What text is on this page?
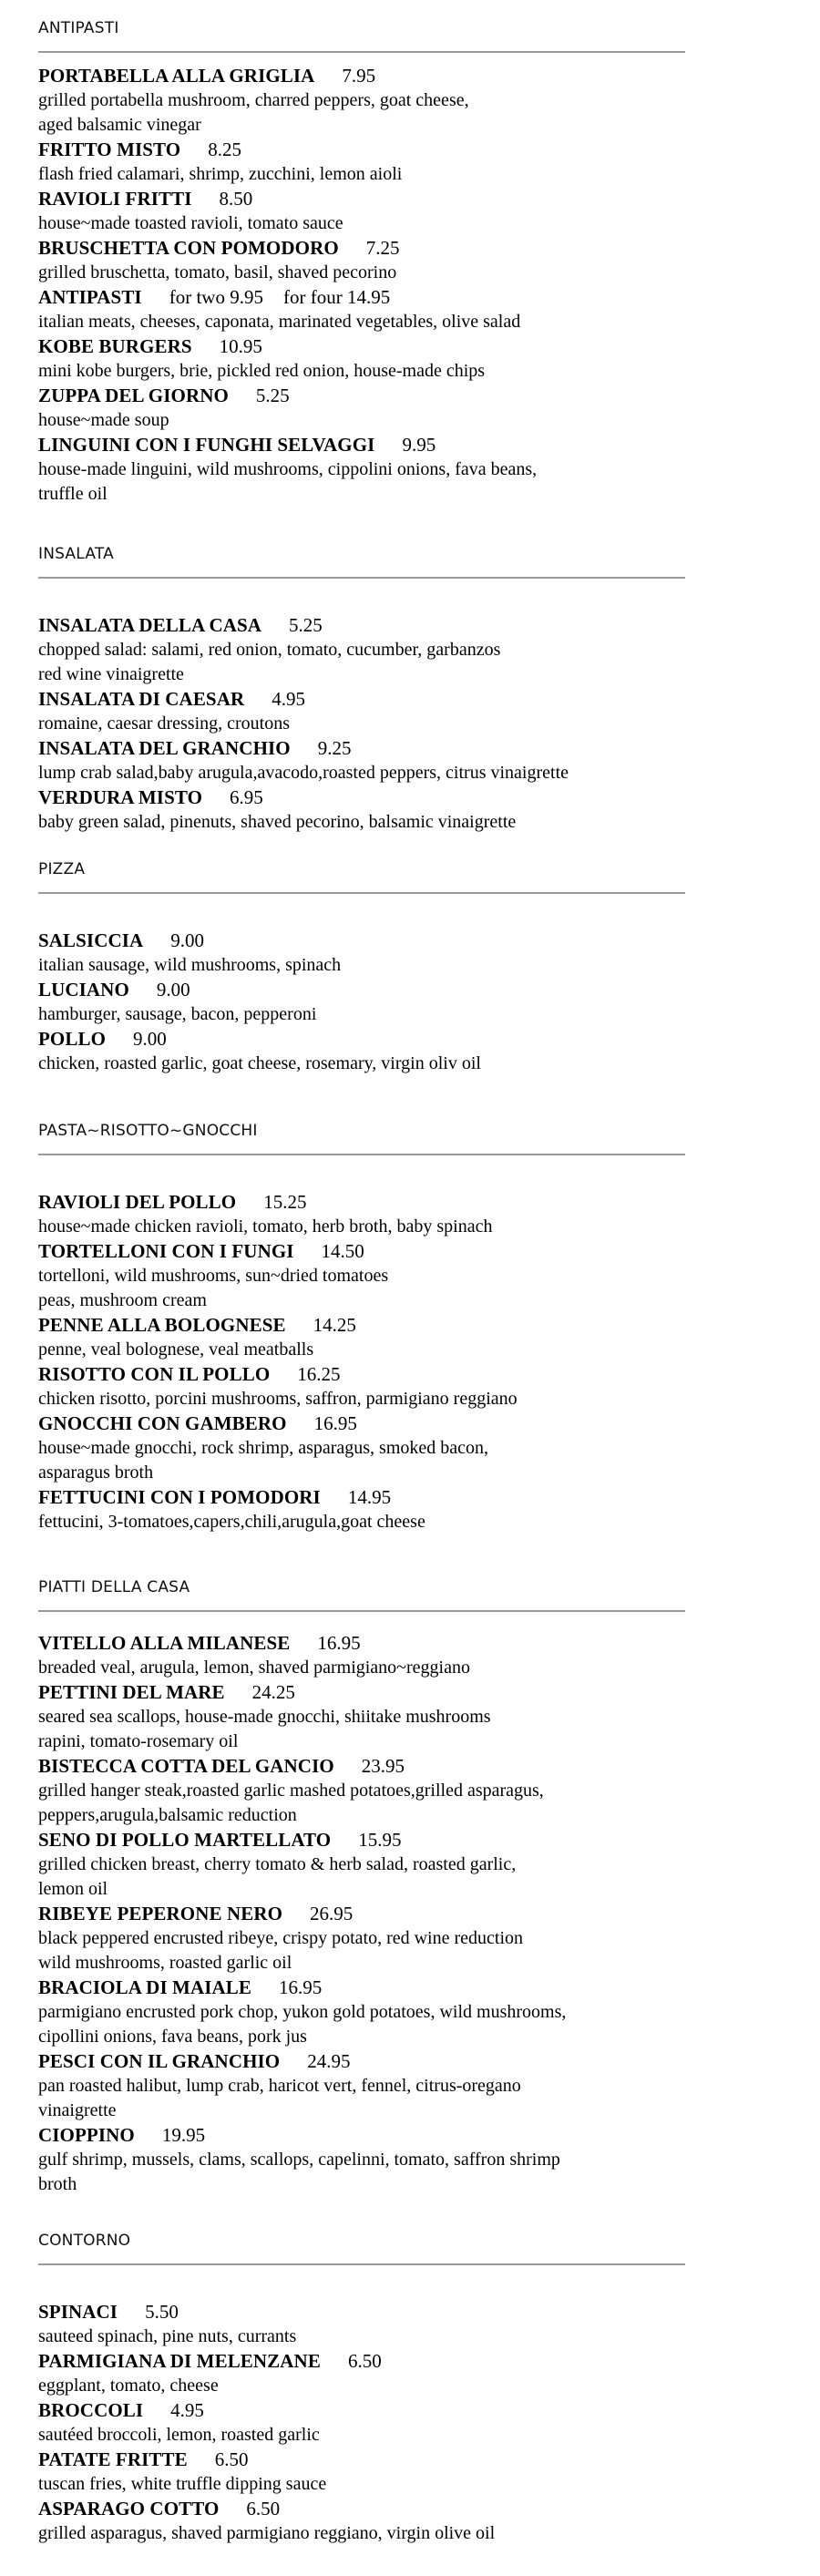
ANTIPASTI
PORTABELLA ALLA GRIGLIA 7.95
grilled portabella mushroom, charred peppers, goat cheese,
aged balsamic vinegar
FRITTO MISTO 8.25
flash fried calamari, shrimp, zucchini, lemon aioli
RAVIOLI FRITTI 8.50
house~made toasted ravioli, tomato sauce
BRUSCHETTA CON POMODORO 7.25
grilled bruschetta, tomato, basil, shaved pecorino
ANTIPASTI for two 9.95 for four 14.95
italian meats, cheeses, caponata, marinated vegetables, olive salad
KOBE BURGERS 10.95
mini kobe burgers, brie, pickled red onion, house-made chips
ZUPPA DEL GIORNO 5.25
house~made soup
LINGUINI CON I FUNGHI SELVAGGI 9.95
house-made linguini, wild mushrooms, cippolini onions, fava beans,
truffle oil
INSALATA
INSALATA DELLA CASA 5.25
chopped salad: salami, red onion, tomato, cucumber, garbanzos
red wine vinaigrette
INSALATA DI CAESAR 4.95
romaine, caesar dressing, croutons
INSALATA DEL GRANCHIO 9.25
lump crab salad,baby arugula,avacodo,roasted peppers, citrus vinaigrette
VERDURA MISTO 6.95
baby green salad, pinenuts, shaved pecorino, balsamic vinaigrette
PIZZA
SALSICCIA 9.00
italian sausage, wild mushrooms, spinach
LUCIANO 9.00
hamburger, sausage, bacon, pepperoni
POLLO 9.00
chicken, roasted garlic, goat cheese, rosemary, virgin oliv oil
PASTA~RISOTTO~GNOCCHI
RAVIOLI DEL POLLO 15.25
house~made chicken ravioli, tomato, herb broth, baby spinach
TORTELLONI CON I FUNGI 14.50
tortelloni, wild mushrooms, sun~dried tomatoes
peas, mushroom cream
PENNE ALLA BOLOGNESE 14.25
penne, veal bolognese, veal meatballs
RISOTTO CON IL POLLO 16.25
chicken risotto, porcini mushrooms, saffron, parmigiano reggiano
GNOCCHI CON GAMBERO 16.95
house~made gnocchi, rock shrimp, asparagus, smoked bacon,
asparagus broth
FETTUCINI CON I POMODORI 14.95
fettucini, 3-tomatoes,capers,chili,arugula,goat cheese
PIATTI DELLA CASA
VITELLO ALLA MILANESE 16.95
breaded veal, arugula, lemon, shaved parmigiano~reggiano
PETTINI DEL MARE 24.25
seared sea scallops, house-made gnocchi, shiitake mushrooms
rapini, tomato-rosemary oil
BISTECCA COTTA DEL GANCIO 23.95
grilled hanger steak,roasted garlic mashed potatoes,grilled asparagus,
peppers,arugula,balsamic reduction
SENO DI POLLO MARTELLATO 15.95
grilled chicken breast, cherry tomato & herb salad, roasted garlic,
lemon oil
RIBEYE PEPERONE NERO 26.95
black peppered encrusted ribeye, crispy potato, red wine reduction
wild mushrooms, roasted garlic oil
BRACIOLA DI MAIALE 16.95
parmigiano encrusted pork chop, yukon gold potatoes, wild mushrooms,
cipollini onions, fava beans, pork jus
PESCI CON IL GRANCHIO 24.95
pan roasted halibut, lump crab, haricot vert, fennel, citrus-oregano
vinaigrette
CIOPPINO 19.95
gulf shrimp, mussels, clams, scallops, capelinni, tomato, saffron shrimp
broth
CONTORNO
SPINACI 5.50
sauteed spinach, pine nuts, currants
PARMIGIANA DI MELENZANE 6.50
eggplant, tomato, cheese
BROCCOLI 4.95
sautéed broccoli, lemon, roasted garlic
PATATE FRITTE 6.50
tuscan fries, white truffle dipping sauce
ASPARAGO COTTO 6.50
grilled asparagus, shaved parmigiano reggiano, virgin olive oil
